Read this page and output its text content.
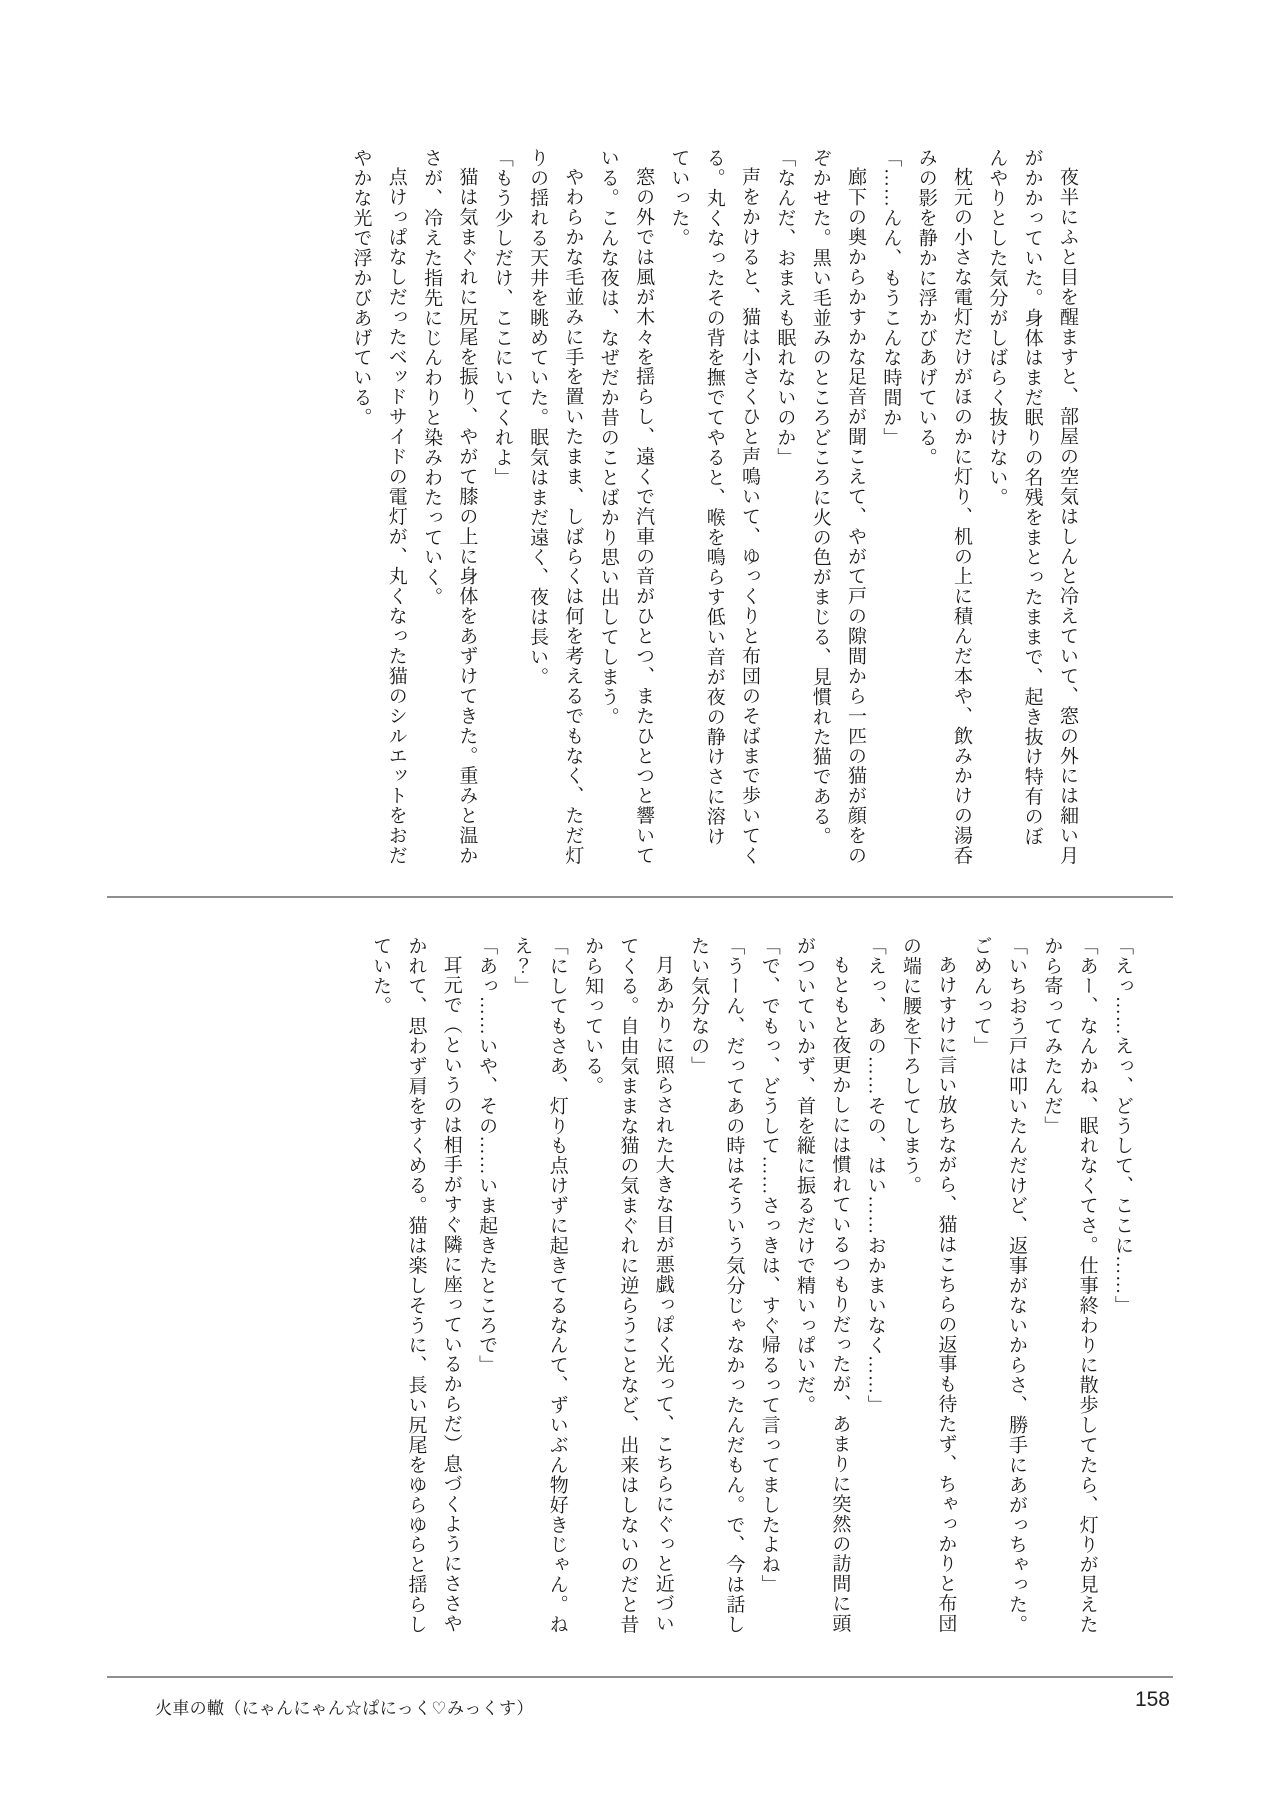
夜半にふと目を醒ますと、部屋の空気はしんと冷えていて、窓の外には細い月がかかっていた。身体はまだ眠りの名残をまとったままで、起き抜け特有のぼんやりとした気分がしばらく抜けない。

枕元の小さな電灯だけがほのかに灯り、机の上に積んだ本や、飲みかけの湯呑みの影を静かに浮かびあげている。

「……んん、もうこんな時間か」

廊下の奥からかすかな足音が聞こえて、やがて戸の隙間から一匹の猫が顔をのぞかせた。黒い毛並みのところどころに火の色がまじる、見慣れた猫である。

「なんだ、おまえも眠れないのか」

声をかけると、猫は小さくひと声鳴いて、ゆっくりと布団のそばまで歩いてくる。丸くなったその背を撫でてやると、喉を鳴らす低い音が夜の静けさに溶けていった。

窓の外では風が木々を揺らし、遠くで汽車の音がひとつ、またひとつと響いている。こんな夜は、なぜだか昔のことばかり思い出してしまう。

やわらかな毛並みに手を置いたまま、しばらくは何を考えるでもなく、ただ灯りの揺れる天井を眺めていた。眠気はまだ遠く、夜は長い。

「もう少しだけ、ここにいてくれよ」

猫は気まぐれに尻尾を振り、やがて膝の上に身体をあずけてきた。重みと温かさが、冷えた指先にじんわりと染みわたっていく。

点けっぱなしだったベッドサイドの電灯が、丸くなった猫のシルエットをおだやかな光で浮かびあげている。

「えっ……えっ、どうして、ここに……」

「あー、なんかね、眠れなくてさ。仕事終わりに散歩してたら、灯りが見えたから寄ってみたんだ」

「いちおう戸は叩いたんだけど、返事がないからさ、勝手にあがっちゃった。ごめんって」

あけすけに言い放ちながら、猫はこちらの返事も待たず、ちゃっかりと布団の端に腰を下ろしてしまう。

「えっ、あの……その、はい……おかまいなく……」

もともと夜更かしには慣れているつもりだったが、あまりに突然の訪問に頭がついていかず、首を縦に振るだけで精いっぱいだ。

「で、でもっ、どうして……さっきは、すぐ帰るって言ってましたよね」

「うーん、だってあの時はそういう気分じゃなかったんだもん。で、今は話したい気分なの」

月あかりに照らされた大きな目が悪戯っぽく光って、こちらにぐっと近づいてくる。自由気ままな猫の気まぐれに逆らうことなど、出来はしないのだと昔から知っている。

「にしてもさあ、灯りも点けずに起きてるなんて、ずいぶん物好きじゃん。ねえ？」

「あっ……いや、その……いま起きたところで」

耳元で（というのは相手がすぐ隣に座っているからだ）息づくようにささやかれて、思わず肩をすくめる。猫は楽しそうに、長い尻尾をゆらゆらと揺らしていた。

火車の轍（にゃんにゃん☆ぱにっく♡みっくす）	158
